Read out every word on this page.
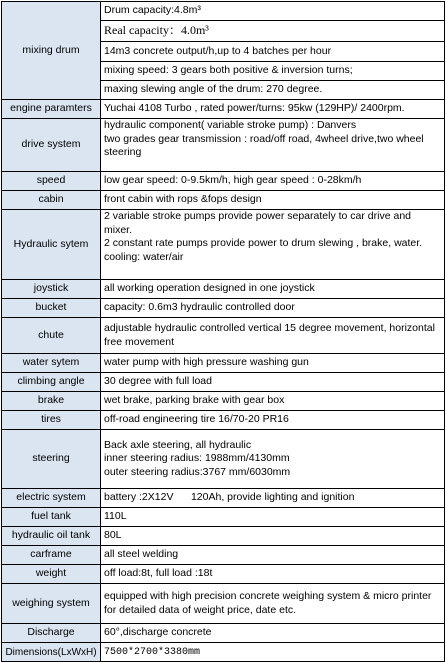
mixing drum	Drum capacity:4.8m³
	Real capacity：4.0m³
	14m3 concrete output/h,up to 4 batches per hour
	mixing speed: 3 gears both positive & inversion turns;
	maxing slewing angle of the drum: 270 degree.
engine paramters	Yuchai 4108 Turbo , rated power/turns: 95kw (129HP)/ 2400rpm.
drive system	hydraulic component( variable stroke pump) : Danvers
two grades gear transmission : road/off road, 4wheel drive,two wheel steering

speed	low gear speed: 0-9.5km/h, high gear speed : 0-28km/h
cabin	front cabin with rops &fops design
Hydraulic sytem	2 variable stroke pumps provide power separately to car drive and mixer.
2 constant rate pumps provide power to drum slewing , brake, water. cooling: water/air

joystick	all working operation designed in one joystick
bucket	capacity: 0.6m3 hydraulic controlled door
chute	adjustable hydraulic controlled vertical 15 degree movement, horizontal free movement
water sytem	water pump with high pressure washing gun
climbing angle	30 degree with full load
brake	wet brake, parking brake with gear box
tires	off-road engineering tire 16/70-20 PR16
steering	Back axle steering, all hydraulic
inner steering radius: 1988mm/4130mm
outer steering radius:3767 mm/6030mm

electric system	battery :2X12V      120Ah, provide lighting and ignition
fuel tank	110L
hydraulic oil tank	80L
carframe	all steel welding
weight	off load:8t, full load :18t
weighing system	equipped with high precision concrete weighing system & micro printer for detailed data of weight price, date etc.
Discharge	60°,discharge concrete
Dimensions(LxWxH)	7500*2700*3380mm
